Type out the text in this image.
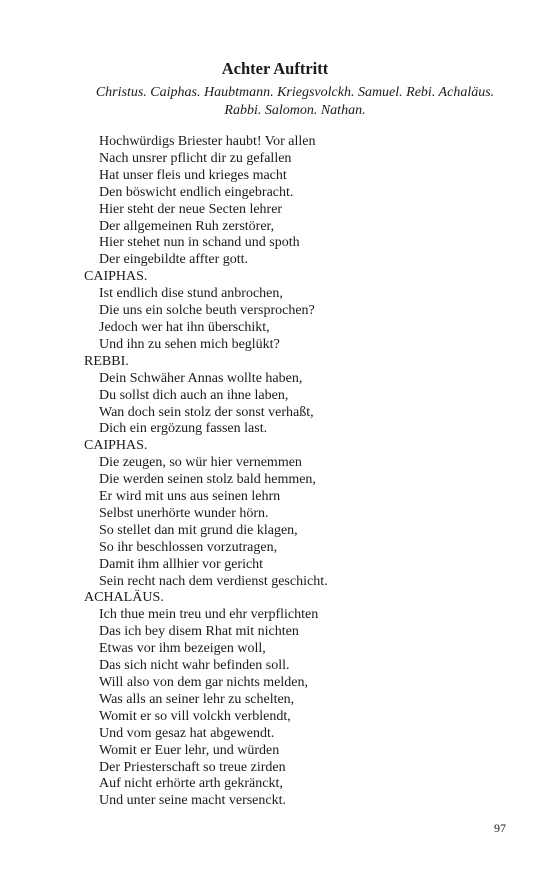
Achter Auftritt

Christus. Caiphas. Haubtmann. Kriegsvolckh. Samuel. Rebi. Achaläus.
Rabbi. Salomon. Nathan.

Hochwürdigs Briester haubt! Vor allen
Nach unsrer pflicht dir zu gefallen
Hat unser fleis und krieges macht
Den böswicht endlich eingebracht.
Hier steht der neue Secten lehrer
Der allgemeinen Ruh zerstörer,
Hier stehet nun in schand und spoth
Der eingebildte affter gott.
CAIPHAS.
Ist endlich dise stund anbrochen,
Die uns ein solche beuth versprochen?
Jedoch wer hat ihn überschikt,
Und ihn zu sehen mich beglükt?
REBBI.
Dein Schwäher Annas wollte haben,
Du sollst dich auch an ihne laben,
Wan doch sein stolz der sonst verhaßt,
Dich ein ergözung fassen last.
CAIPHAS.
Die zeugen, so wür hier vernemmen
Die werden seinen stolz bald hemmen,
Er wird mit uns aus seinen lehrn
Selbst unerhörte wunder hörn.
So stellet dan mit grund die klagen,
So ihr beschlossen vorzutragen,
Damit ihm allhier vor gericht
Sein recht nach dem verdienst geschicht.
ACHALÄUS.
Ich thue mein treu und ehr verpflichten
Das ich bey disem Rhat mit nichten
Etwas vor ihm bezeigen woll,
Das sich nicht wahr befinden soll.
Will also von dem gar nichts melden,
Was alls an seiner lehr zu schelten,
Womit er so vill volckh verblendt,
Und vom gesaz hat abgewendt.
Womit er Euer lehr, und würden
Der Priesterschaft so treue zirden
Auf nicht erhörte arth gekränckt,
Und unter seine macht versenckt.
97
